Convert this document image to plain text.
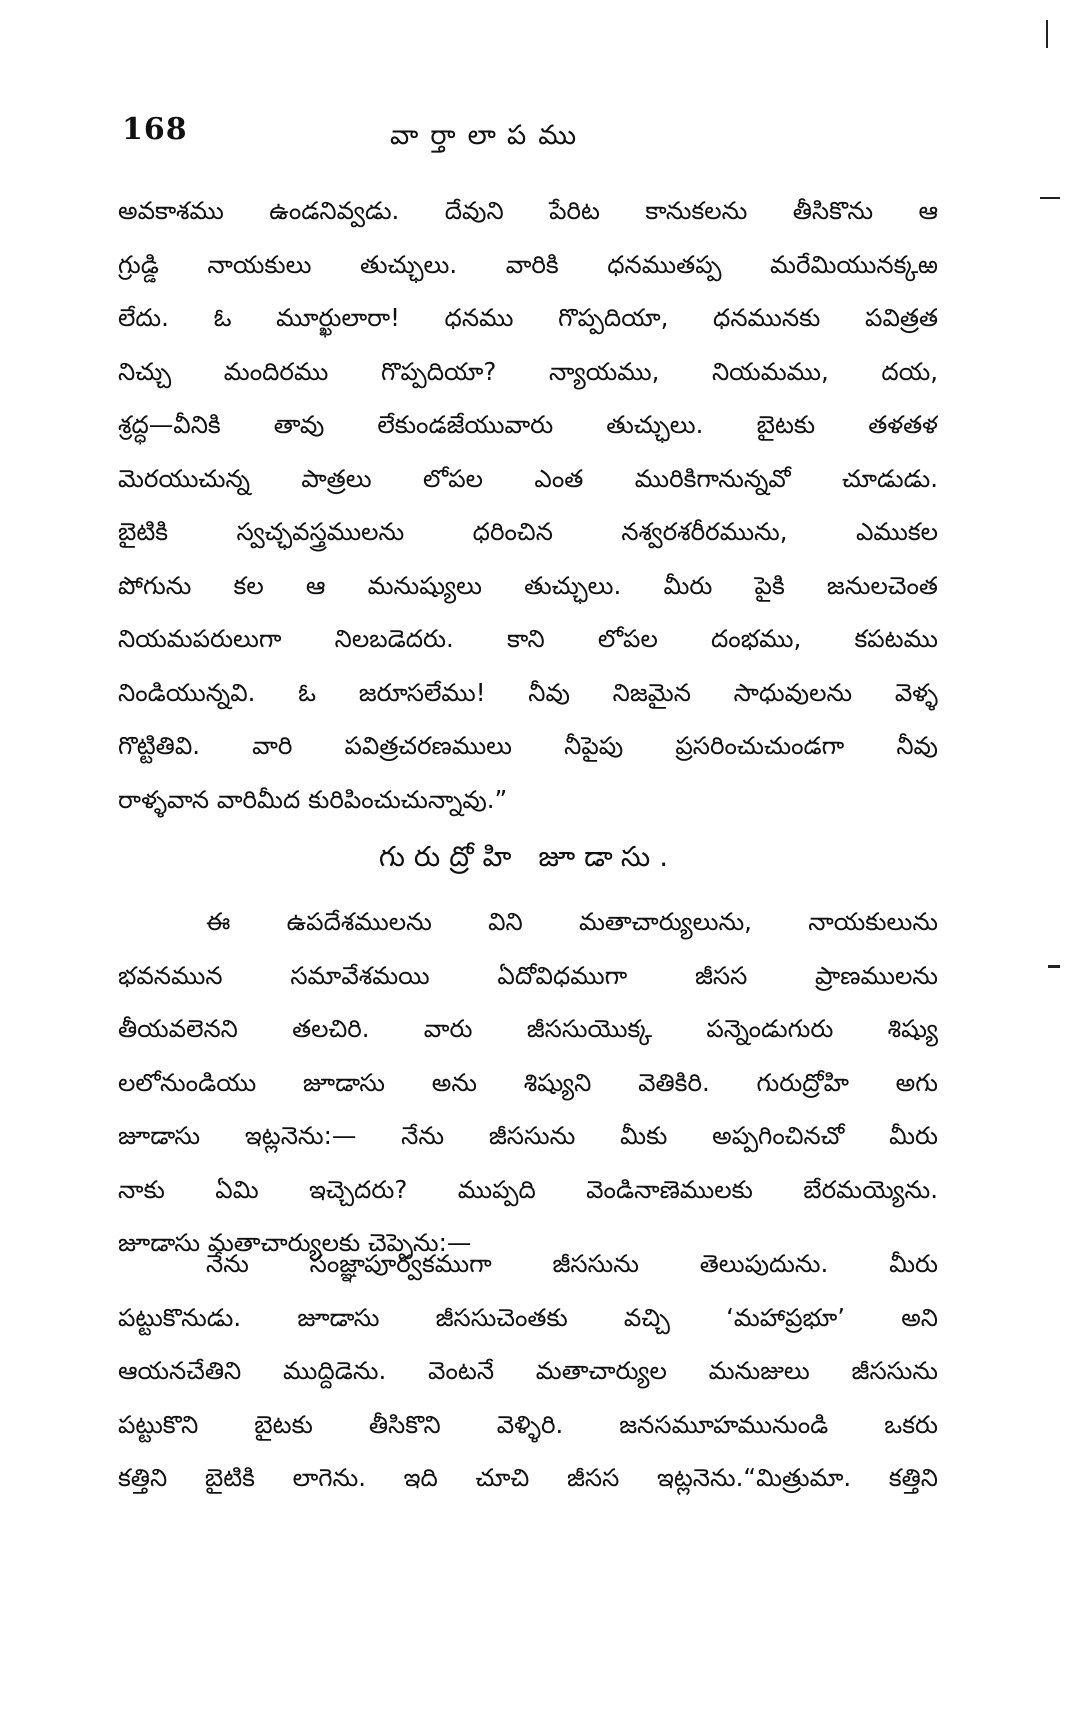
168	వార్తాలాపము
అవకాశము ఉండనివ్వడు. దేవుని పేరిట కానుకలను తీసికొను ఆ
గ్రుడ్డి నాయకులు తుచ్ఛులు. వారికి ధనముతప్ప మరేమియునక్కఱ
లేదు. ఓ మూర్ఖులారా! ధనము గొప్పదియా, ధనమునకు పవిత్రత
నిచ్చు మందిరము గొప్పదియా? న్యాయము, నియమము, దయ,
శ్రద్ధ—వీనికి తావు లేకుండజేయువారు తుచ్ఛులు. బైటకు తళతళ
మెరయుచున్న పాత్రలు లోపల ఎంత మురికిగానున్నవో చూడుడు.
బైటికి స్వచ్ఛవస్త్రములను ధరించిన నశ్వరశరీరమును, ఎముకల
పోగును కల ఆ మనుష్యులు తుచ్ఛులు. మీరు పైకి జనులచెంత
నియమపరులుగా నిలబడెదరు. కాని లోపల దంభము, కపటము
నిండియున్నవి. ఓ జరూసలేము! నీవు నిజమైన సాధువులను వెళ్ళ
గొట్టితివి. వారి పవిత్రచరణములు నీపైపు ప్రసరించుచుండగా నీవు
రాళ్ళవాన వారిమీద కురిపించుచున్నావు.”
గురుద్రోహి జూడాసు.
ఈ ఉపదేశములను విని మతాచార్యులును, నాయకులును
భవనమున సమావేశమయి ఏదోవిధముగా జీసస ప్రాణములను
తీయవలెనని తలచిరి. వారు జీససుయొక్క పన్నెండుగురు శిష్యు
లలోనుండియు జూడాసు అను శిష్యుని వెతికిరి. గురుద్రోహి అగు
జూడాసు ఇట్లనెను:— నేను జీససును మీకు అప్పగించినచో మీరు
నాకు ఏమి ఇచ్చెదరు? ముప్పది వెండినాణెములకు బేరమయ్యెను.
జూడాసు మతాచార్యులకు చెప్పెను:—
నేను సంజ్ఞాపూర్వకముగా జీససును తెలుపుదును. మీరు
పట్టుకొనుడు. జూడాసు జీససుచెంతకు వచ్చి ‘మహాప్రభూ’ అని
ఆయనచేతిని ముద్దిడెను. వెంటనే మతాచార్యుల మనుజులు జీససును
పట్టుకొని బైటకు తీసికొని వెళ్ళిరి. జనసమూహమునుండి ఒకరు
కత్తిని బైటికి లాగెను. ఇది చూచి జీసస ఇట్లనెను.“మిత్రుమా. కత్తిని
